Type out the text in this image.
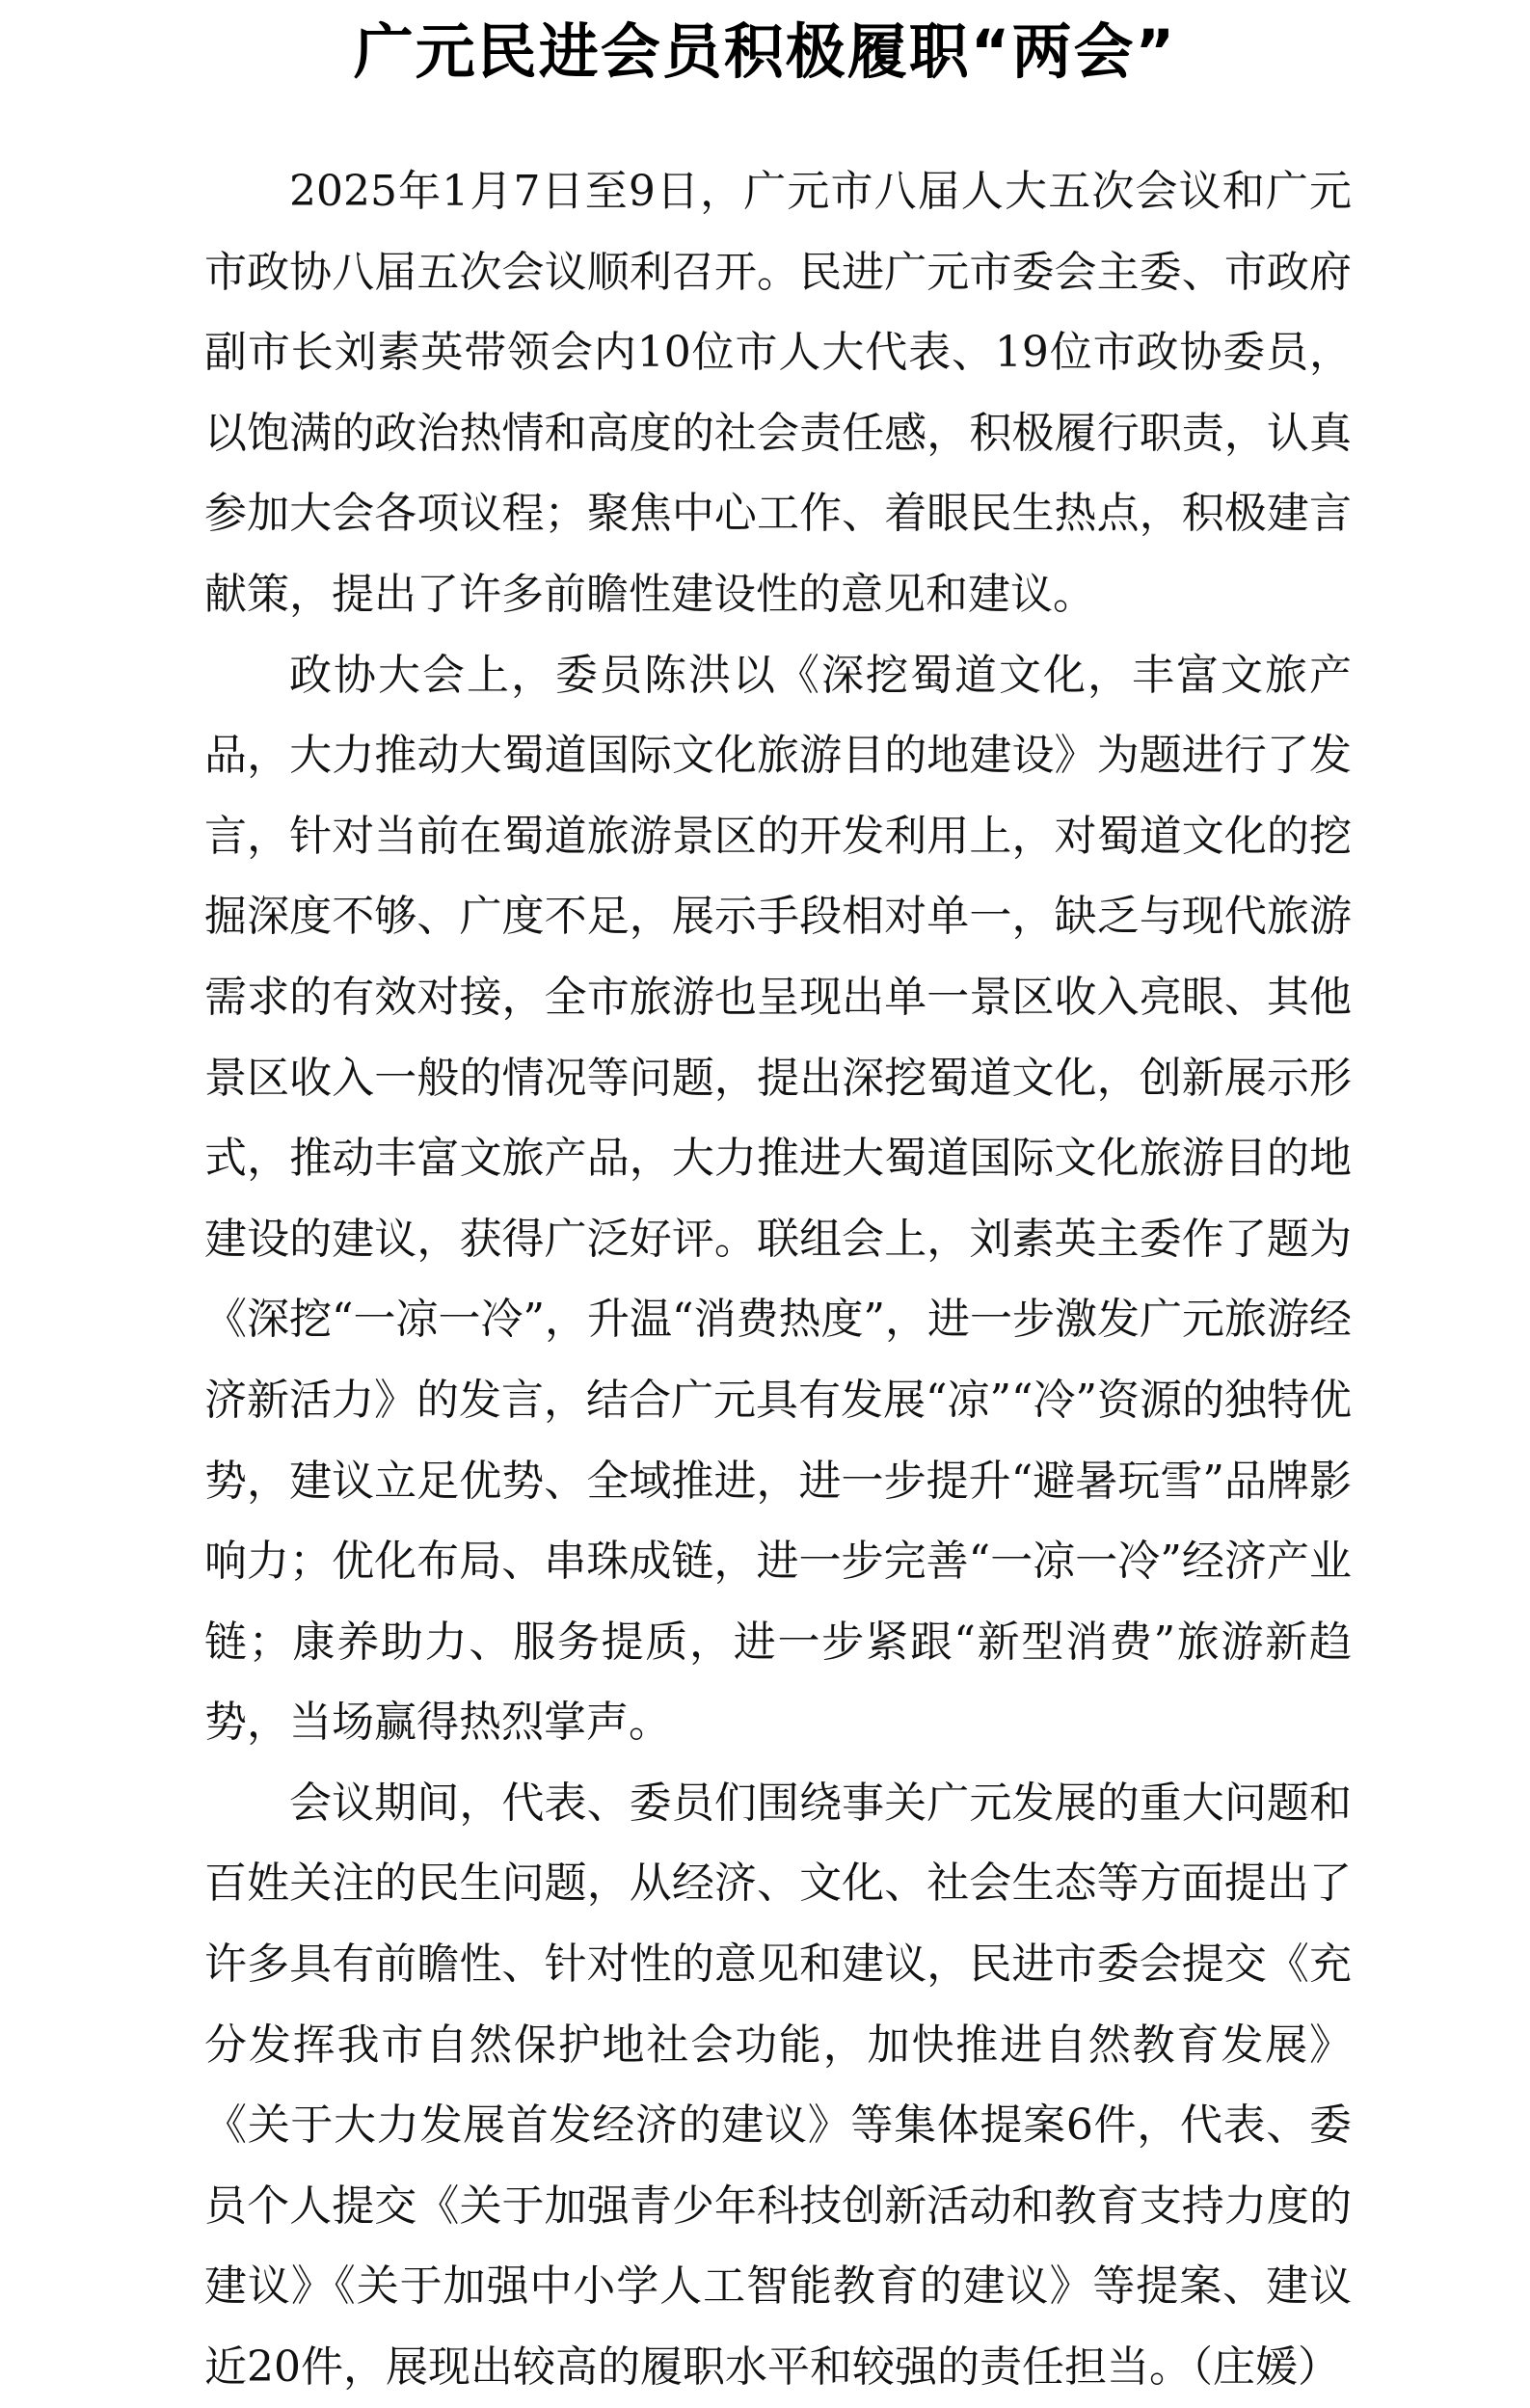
广元民进会员积极履职“两会”

2025年1月7日至9日，广元市八届人大五次会议和广元市政协八届五次会议顺利召开。民进广元市委会主委、市政府副市长刘素英带领会内10位市人大代表、19位市政协委员，以饱满的政治热情和高度的社会责任感，积极履行职责，认真参加大会各项议程；聚焦中心工作、着眼民生热点，积极建言献策，提出了许多前瞻性建设性的意见和建议。

政协大会上，委员陈洪以《深挖蜀道文化，丰富文旅产品，大力推动大蜀道国际文化旅游目的地建设》为题进行了发言，针对当前在蜀道旅游景区的开发利用上，对蜀道文化的挖掘深度不够、广度不足，展示手段相对单一，缺乏与现代旅游需求的有效对接，全市旅游也呈现出单一景区收入亮眼、其他景区收入一般的情况等问题，提出深挖蜀道文化，创新展示形式，推动丰富文旅产品，大力推进大蜀道国际文化旅游目的地建设的建议，获得广泛好评。联组会上，刘素英主委作了题为《深挖“一凉一冷”，升温“消费热度”，进一步激发广元旅游经济新活力》的发言，结合广元具有发展“凉”“冷”资源的独特优势，建议立足优势、全域推进，进一步提升“避暑玩雪”品牌影响力；优化布局、串珠成链，进一步完善“一凉一冷”经济产业链；康养助力、服务提质，进一步紧跟“新型消费”旅游新趋势，当场赢得热烈掌声。

会议期间，代表、委员们围绕事关广元发展的重大问题和百姓关注的民生问题，从经济、文化、社会生态等方面提出了许多具有前瞻性、针对性的意见和建议，民进市委会提交《充分发挥我市自然保护地社会功能，加快推进自然教育发展》《关于大力发展首发经济的建议》等集体提案6件，代表、委员个人提交《关于加强青少年科技创新活动和教育支持力度的建议》《关于加强中小学人工智能教育的建议》等提案、建议近20件，展现出较高的履职水平和较强的责任担当。（庄媛）
